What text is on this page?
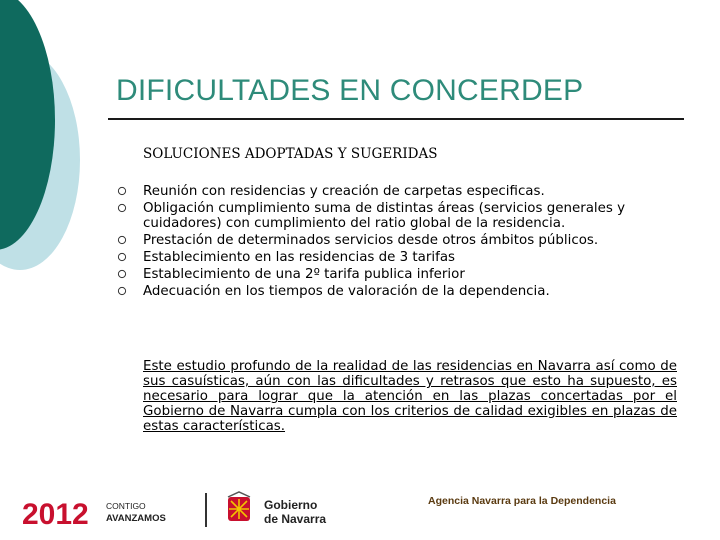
DIFICULTADES EN CONCERDEP
SOLUCIONES ADOPTADAS Y SUGERIDAS
Reunión con residencias y creación de carpetas especificas.
Obligación cumplimiento suma de distintas áreas (servicios generales y cuidadores) con cumplimiento del ratio global de la residencia.
Prestación de determinados servicios desde otros ámbitos públicos.
Establecimiento en las residencias de 3 tarifas
Establecimiento de una 2º tarifa publica inferior
Adecuación en los tiempos de valoración de la dependencia.
Este estudio profundo de la realidad de las residencias en Navarra así como de sus casuísticas, aún con las dificultades y retrasos que esto ha supuesto, es necesario para lograr que la atención en las plazas concertadas por el Gobierno de Navarra cumpla con los criterios de calidad exigibles en plazas de estas características.
2012 CONTIGO
AVANZAMOS
Gobierno
de Navarra
Agencia Navarra para la Dependencia
